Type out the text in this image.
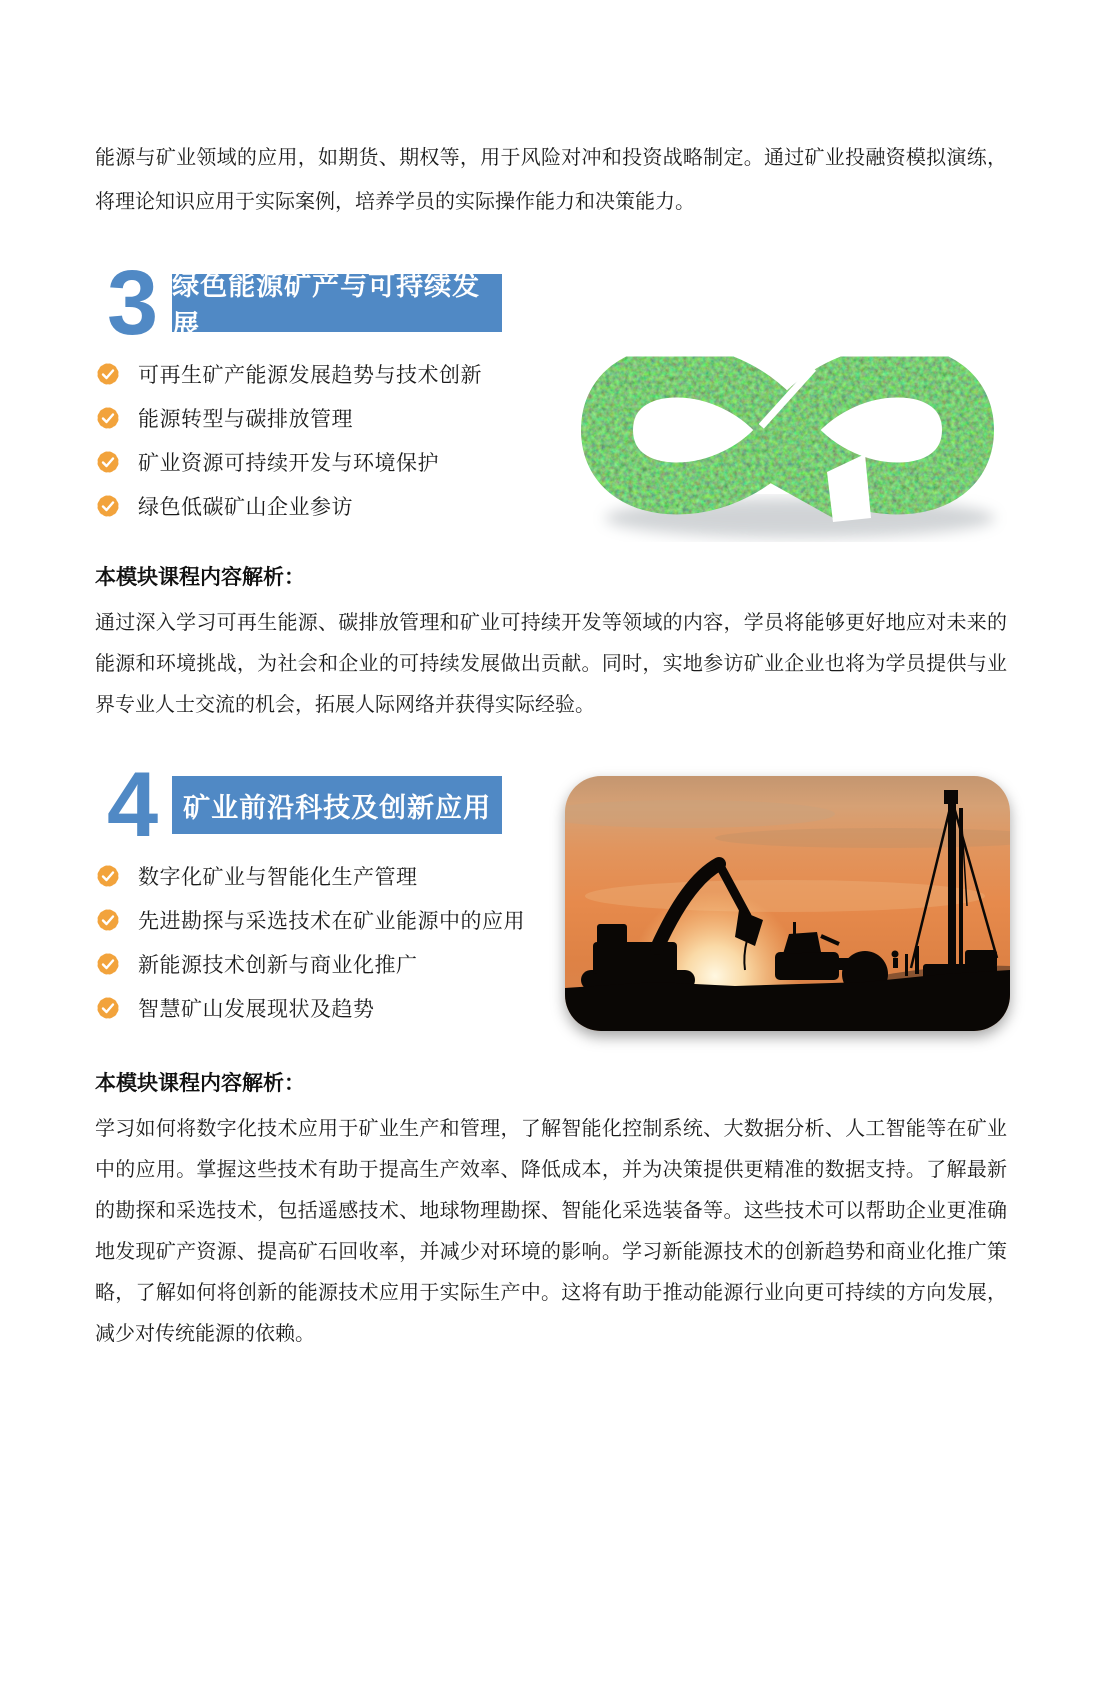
能源与矿业领域的应用，如期货、期权等，用于风险对冲和投资战略制定。通过矿业投融资模拟演练，将理论知识应用于实际案例，培养学员的实际操作能力和决策能力。

3 绿色能源矿产与可持续发展
可再生矿产能源发展趋势与技术创新
能源转型与碳排放管理
矿业资源可持续开发与环境保护
绿色低碳矿山企业参访
本模块课程内容解析：

通过深入学习可再生能源、碳排放管理和矿业可持续开发等领域的内容，学员将能够更好地应对未来的能源和环境挑战，为社会和企业的可持续发展做出贡献。同时，实地参访矿业企业也将为学员提供与业界专业人士交流的机会，拓展人际网络并获得实际经验。

4 矿业前沿科技及创新应用
数字化矿业与智能化生产管理
先进勘探与采选技术在矿业能源中的应用
新能源技术创新与商业化推广
智慧矿山发展现状及趋势
本模块课程内容解析：

学习如何将数字化技术应用于矿业生产和管理，了解智能化控制系统、大数据分析、人工智能等在矿业中的应用。掌握这些技术有助于提高生产效率、降低成本，并为决策提供更精准的数据支持。了解最新的勘探和采选技术，包括遥感技术、地球物理勘探、智能化采选装备等。这些技术可以帮助企业更准确地发现矿产资源、提高矿石回收率，并减少对环境的影响。学习新能源技术的创新趋势和商业化推广策略，了解如何将创新的能源技术应用于实际生产中。这将有助于推动能源行业向更可持续的方向发展，减少对传统能源的依赖。
